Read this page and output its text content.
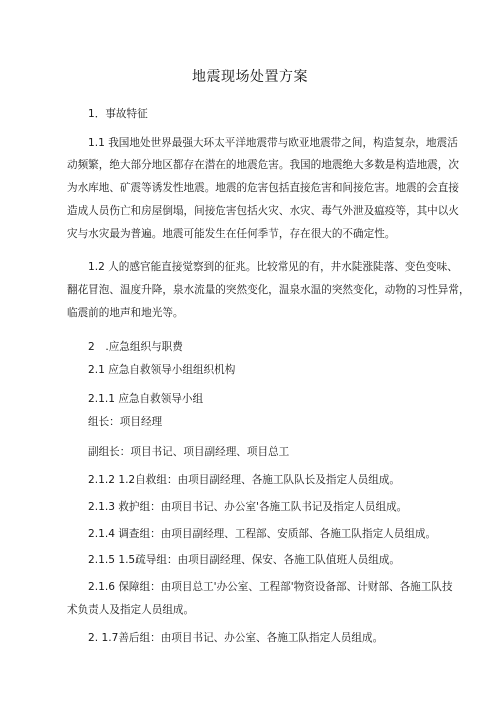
地震现场处置方案
1．事故特征
1.1 我国地处世界最强大环太平洋地震带与欧亚地震带之间，构造复杂，地震活
动频繁，绝大部分地区都存在潜在的地震危害。我国的地震绝大多数是构造地震，次
为水库地、矿震等诱发性地震。地震的危害包括直接危害和间接危害。地震的会直接
造成人员伤亡和房屋倒塌，间接危害包括火灾、水灾、毒气外泄及瘟疫等，其中以火
灾与水灾最为普遍。地震可能发生在任何季节，存在很大的不确定性。
1.2 人的感官能直接觉察到的征兆。比较常见的有，井水陡涨陡落、变色变味、
翻花冒泡、温度升降，泉水流量的突然变化，温泉水温的突然变化，动物的习性异常，
临震前的地声和地光等。
2　.应急组织与职费
2.1 应急自救领导小组组织机构
2.1.1 应急自救领导小组
组长：项目经理
副组长：项目书记、项目副经理、项目总工
2.1.2 1.2自救组：由项目副经理、各施工队队长及指定人员组成。
2.1.3 救护组：由项目书记、办公室'各施工队书记及指定人员组成。
2.1.4 调查组：由项目副经理、工程部、安质部、各施工队指定人员组成。
2.1.5 1.5疏导组：由项目副经理、保安、各施工队值班人员组成。
2.1.6 保障组：由项目总工'办公室、工程部'物资设备部、计财部、各施工队技
术负责人及指定人员组成。
2. 1.7善后组：由项目书记、办公室、各施工队指定人员组成。
